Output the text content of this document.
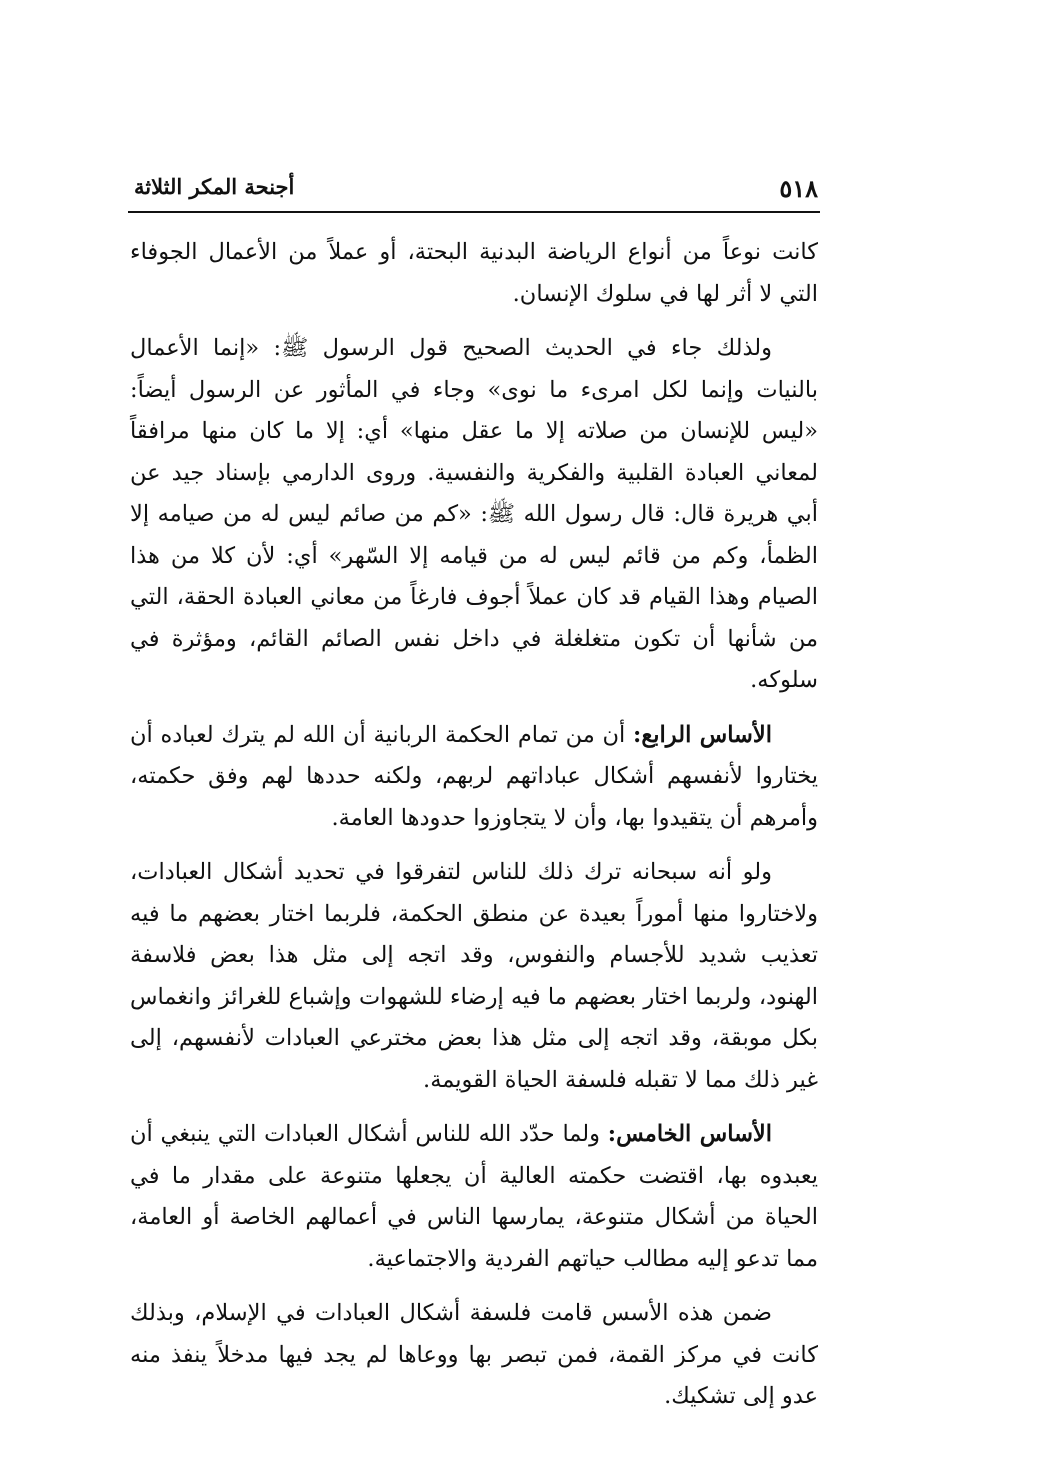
٥١٨
أجنحة المكر الثلاثة

كانت نوعاً من أنواع الرياضة البدنية البحتة، أو عملاً من الأعمال الجوفاء التي لا أثر لها في سلوك الإنسان.

ولذلك جاء في الحديث الصحيح قول الرسول ﷺ: «إنما الأعمال بالنيات وإنما لكل امرىء ما نوى» وجاء في المأثور عن الرسول أيضاً: «ليس للإنسان من صلاته إلا ما عقل منها» أي: إلا ما كان منها مرافقاً لمعاني العبادة القلبية والفكرية والنفسية. وروى الدارمي بإسناد جيد عن أبي هريرة قال: قال رسول الله ﷺ: «كم من صائم ليس له من صيامه إلا الظمأ، وكم من قائم ليس له من قيامه إلا السّهر» أي: لأن كلا من هذا الصيام وهذا القيام قد كان عملاً أجوف فارغاً من معاني العبادة الحقة، التي من شأنها أن تكون متغلغلة في داخل نفس الصائم القائم، ومؤثرة في سلوكه.

الأساس الرابع: أن من تمام الحكمة الربانية أن الله لم يترك لعباده أن يختاروا لأنفسهم أشكال عباداتهم لربهم، ولكنه حددها لهم وفق حكمته، وأمرهم أن يتقيدوا بها، وأن لا يتجاوزوا حدودها العامة.

ولو أنه سبحانه ترك ذلك للناس لتفرقوا في تحديد أشكال العبادات، ولاختاروا منها أموراً بعيدة عن منطق الحكمة، فلربما اختار بعضهم ما فيه تعذيب شديد للأجسام والنفوس، وقد اتجه إلى مثل هذا بعض فلاسفة الهنود، ولربما اختار بعضهم ما فيه إرضاء للشهوات وإشباع للغرائز وانغماس بكل موبقة، وقد اتجه إلى مثل هذا بعض مخترعي العبادات لأنفسهم، إلى غير ذلك مما لا تقبله فلسفة الحياة القويمة.

الأساس الخامس: ولما حدّد الله للناس أشكال العبادات التي ينبغي أن يعبدوه بها، اقتضت حكمته العالية أن يجعلها متنوعة على مقدار ما في الحياة من أشكال متنوعة، يمارسها الناس في أعمالهم الخاصة أو العامة، مما تدعو إليه مطالب حياتهم الفردية والاجتماعية.

ضمن هذه الأسس قامت فلسفة أشكال العبادات في الإسلام، وبذلك كانت في مركز القمة، فمن تبصر بها ووعاها لم يجد فيها مدخلاً ينفذ منه عدو إلى تشكيك.
